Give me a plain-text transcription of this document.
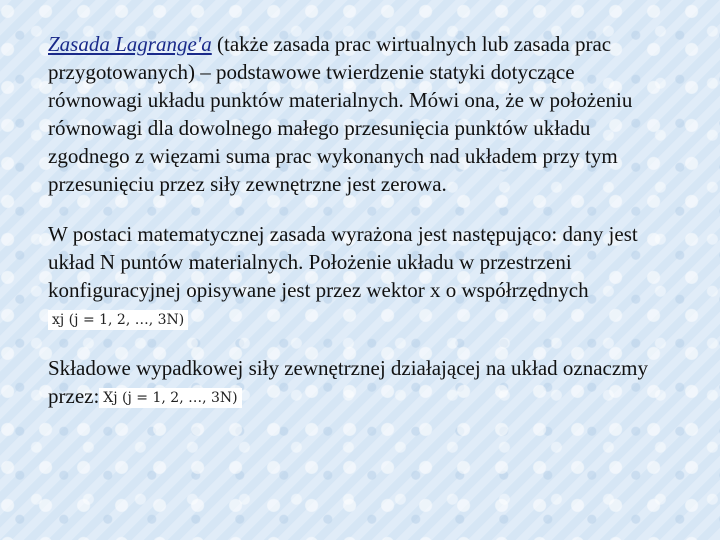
Zasada Lagrange'a (także zasada prac wirtualnych lub zasada prac przygotowanych) – podstawowe twierdzenie statyki dotyczące równowagi układu punktów materialnych. Mówi ona, że w położeniu równowagi dla dowolnego małego przesunięcia punktów układu zgodnego z więzami suma prac wykonanych nad układem przy tym przesunięciu przez siły zewnętrzne jest zerowa.

W postaci matematycznej zasada wyrażona jest następująco: dany jest układ N puntów materialnych. Położenie układu w przestrzeni konfiguracyjnej opisywane jest przez wektor x o współrzędnych xj (j = 1, 2, …, 3N)

Składowe wypadkowej siły zewnętrznej działającej na układ oznaczmy przez: Xj (j = 1, 2, …, 3N)
